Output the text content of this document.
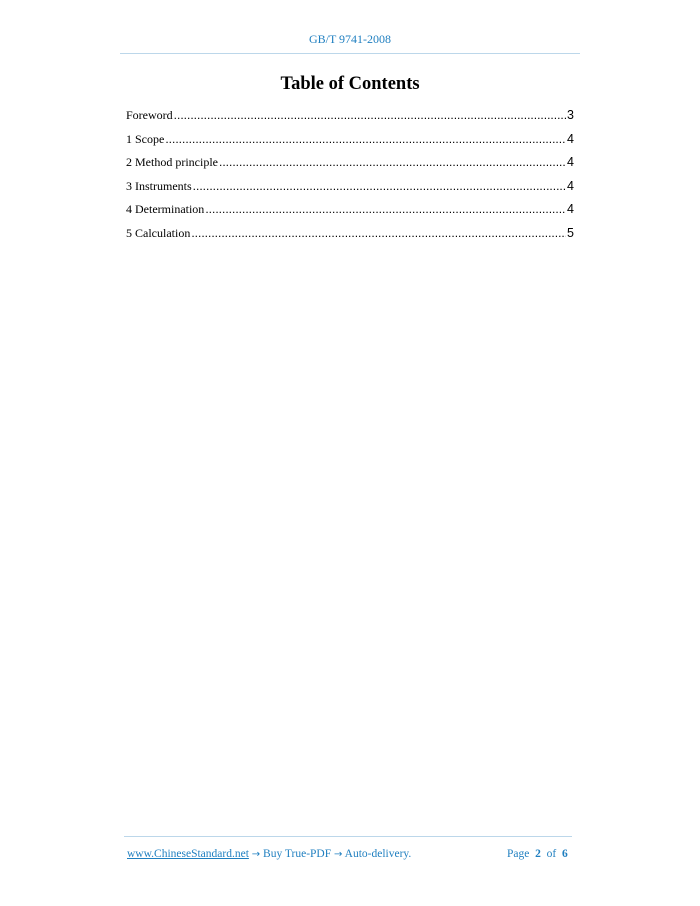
GB/T 9741-2008
Table of Contents
Foreword .....	3
1 Scope .....	4
2 Method principle .....	4
3 Instruments .....	4
4 Determination .....	4
5 Calculation .....	5
www.ChineseStandard.net → Buy True-PDF → Auto-delivery.	Page 2 of 6
